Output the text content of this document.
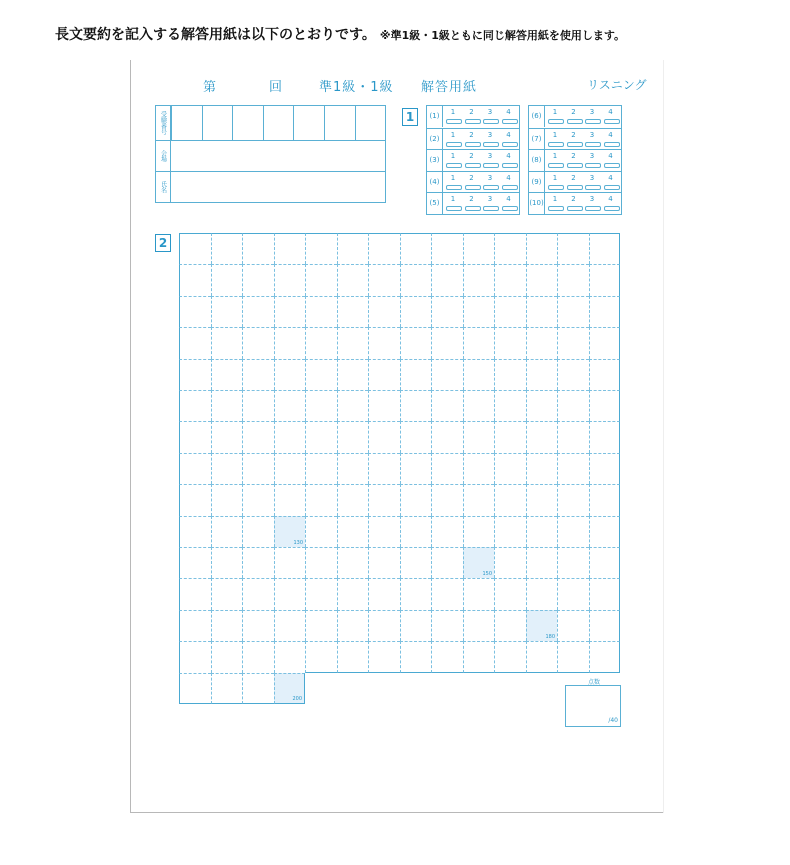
長文要約を記入する解答用紙は以下のとおりです。 ※準1級・1級ともに同じ解答用紙を使用します。
第	回	準1級・1級 解答用紙	リスニング
受験番号
会場
氏名
1	(1)	1	2	3	4
(2)	1	2	3	4
(3)	1	2	3	4
(4)	1	2	3	4
(5)	1	2	3	4
(6)	1	2	3	4
(7)	1	2	3	4
(8)	1	2	3	4
(9)	1	2	3	4
(10)	1	2	3	4
2
130
150
180
200
点数
/40
